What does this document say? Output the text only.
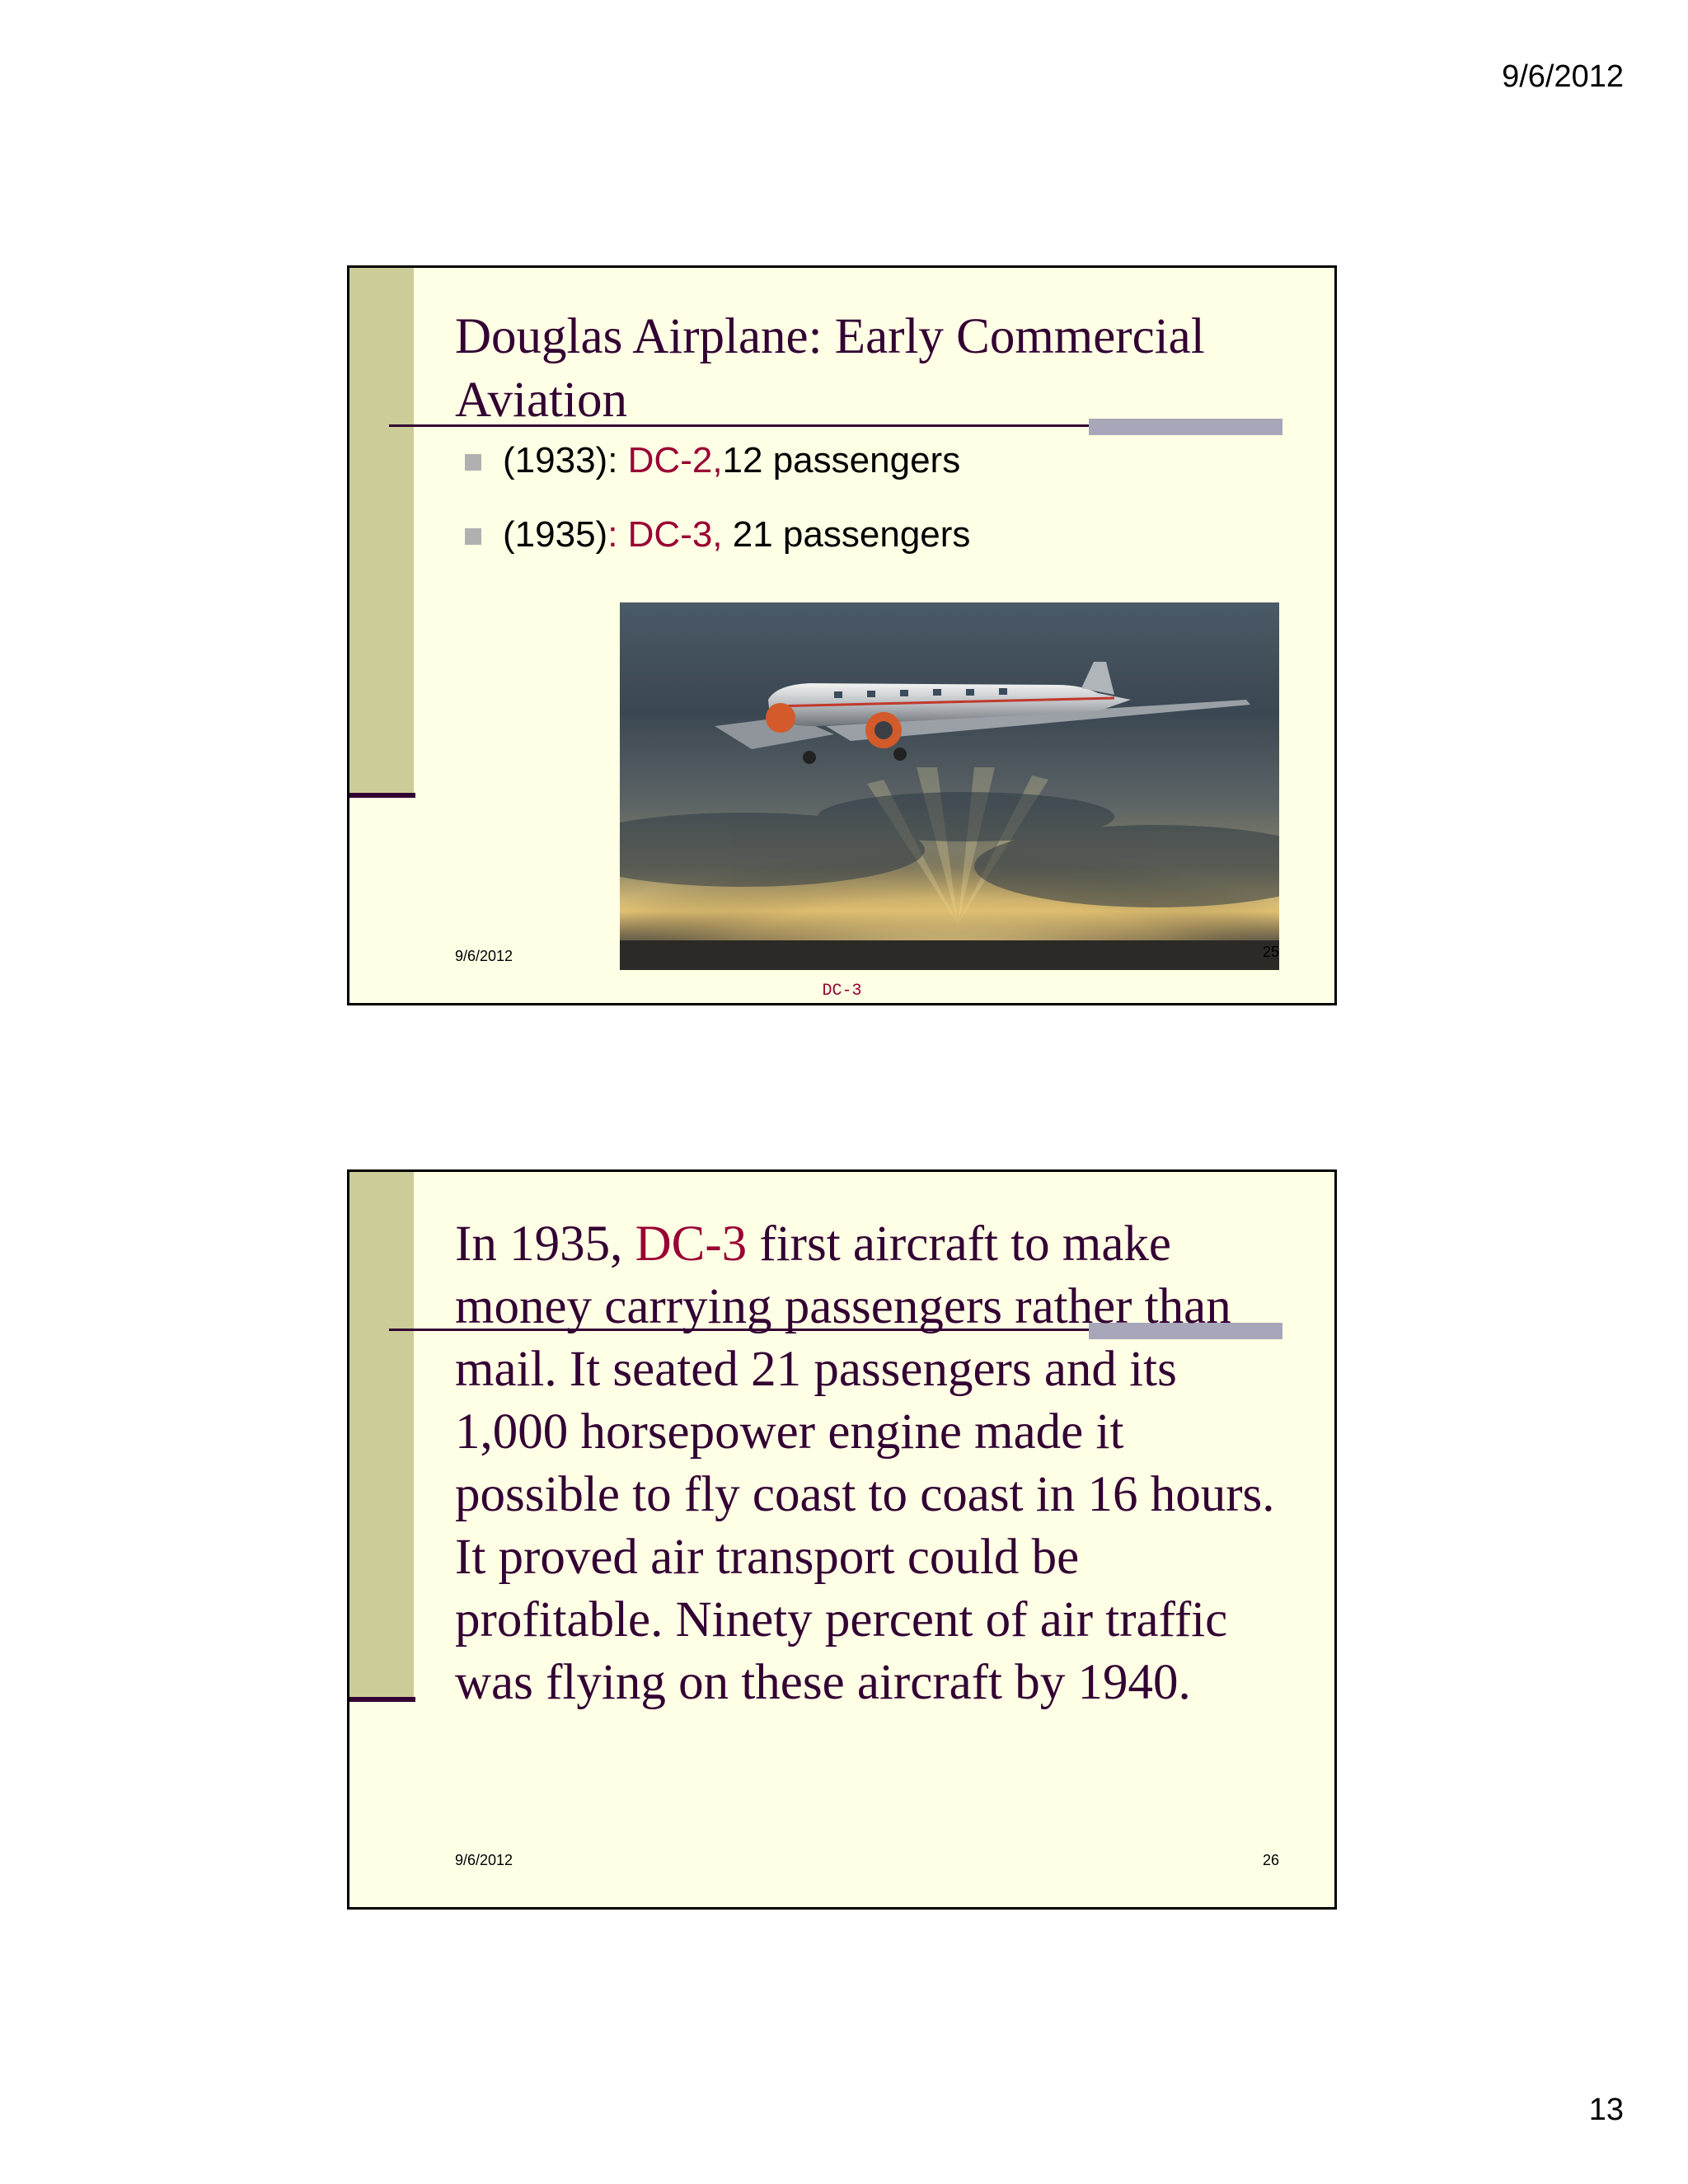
9/6/2012
Douglas Airplane: Early Commercial Aviation
(1933): DC-2,12 passengers
(1935): DC-3, 21 passengers
9/6/2012	25
DC-3
In 1935, DC-3 first aircraft to make money carrying passengers rather than mail. It seated 21 passengers and its 1,000 horsepower engine made it possible to fly coast to coast in 16 hours. It proved air transport could be profitable. Ninety percent of air traffic was flying on these aircraft by 1940.
9/6/2012	26
13
